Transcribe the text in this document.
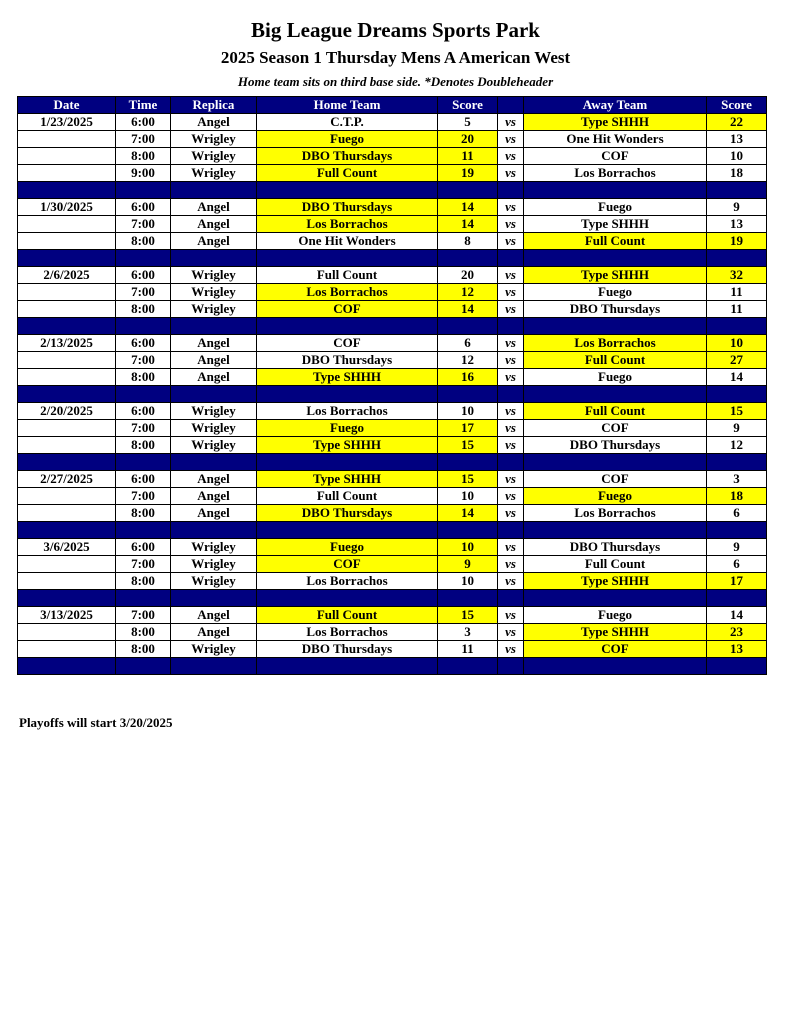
Big League Dreams Sports Park
2025 Season 1 Thursday Mens A American West
Home team sits on third base side. *Denotes Doubleheader
Date	Time	Replica	Home Team	Score		Away Team	Score
1/23/2025	6:00	Angel	C.T.P.	5	vs	Type SHHH	22
	7:00	Wrigley	Fuego	20	vs	One Hit Wonders	13
	8:00	Wrigley	DBO Thursdays	11	vs	COF	10
	9:00	Wrigley	Full Count	19	vs	Los Borrachos	18

1/30/2025	6:00	Angel	DBO Thursdays	14	vs	Fuego	9
	7:00	Angel	Los Borrachos	14	vs	Type SHHH	13
	8:00	Angel	One Hit Wonders	8	vs	Full Count	19

2/6/2025	6:00	Wrigley	Full Count	20	vs	Type SHHH	32
	7:00	Wrigley	Los Borrachos	12	vs	Fuego	11
	8:00	Wrigley	COF	14	vs	DBO Thursdays	11

2/13/2025	6:00	Angel	COF	6	vs	Los Borrachos	10
	7:00	Angel	DBO Thursdays	12	vs	Full Count	27
	8:00	Angel	Type SHHH	16	vs	Fuego	14

2/20/2025	6:00	Wrigley	Los Borrachos	10	vs	Full Count	15
	7:00	Wrigley	Fuego	17	vs	COF	9
	8:00	Wrigley	Type SHHH	15	vs	DBO Thursdays	12

2/27/2025	6:00	Angel	Type SHHH	15	vs	COF	3
	7:00	Angel	Full Count	10	vs	Fuego	18
	8:00	Angel	DBO Thursdays	14	vs	Los Borrachos	6

3/6/2025	6:00	Wrigley	Fuego	10	vs	DBO Thursdays	9
	7:00	Wrigley	COF	9	vs	Full Count	6
	8:00	Wrigley	Los Borrachos	10	vs	Type SHHH	17

3/13/2025	7:00	Angel	Full Count	15	vs	Fuego	14
	8:00	Angel	Los Borrachos	3	vs	Type SHHH	23
	8:00	Wrigley	DBO Thursdays	11	vs	COF	13

Playoffs will start 3/20/2025
